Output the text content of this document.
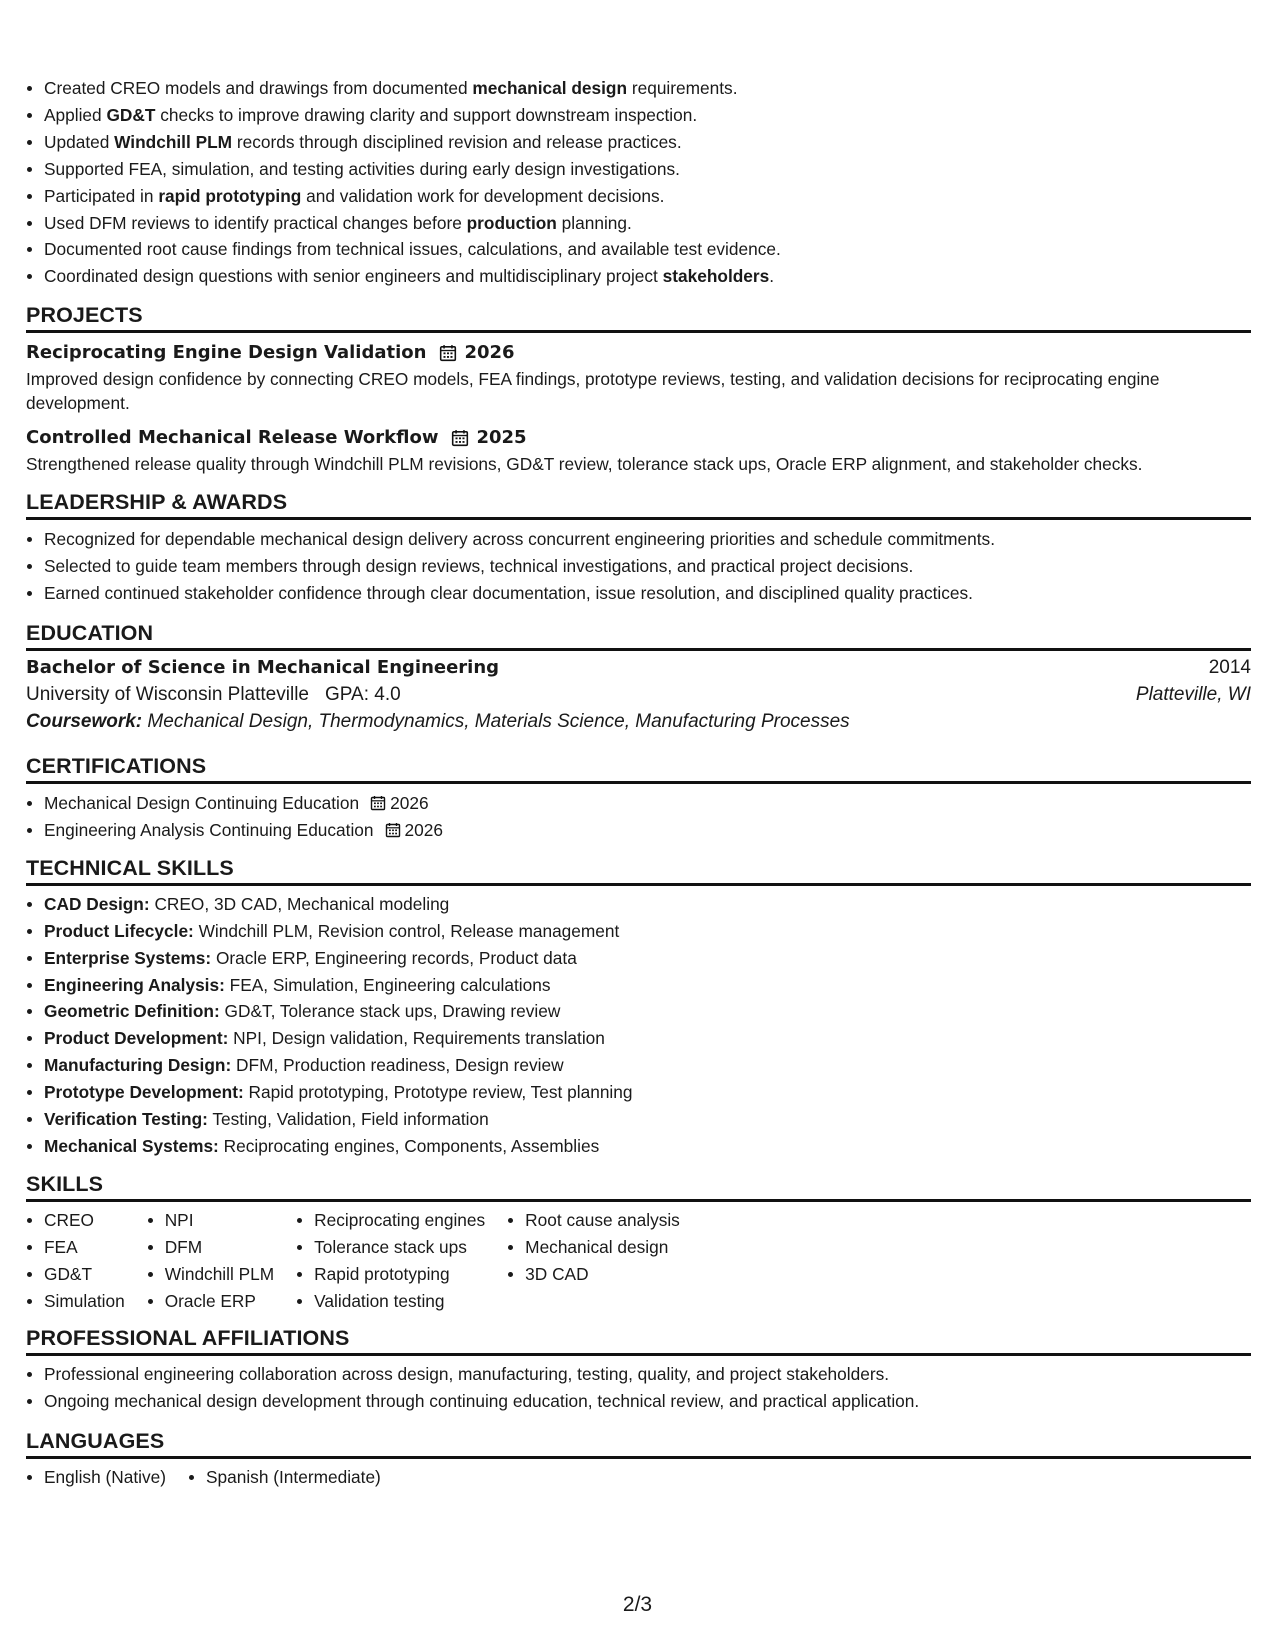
Created CREO models and drawings from documented mechanical design requirements.
Applied GD&T checks to improve drawing clarity and support downstream inspection.
Updated Windchill PLM records through disciplined revision and release practices.
Supported FEA, simulation, and testing activities during early design investigations.
Participated in rapid prototyping and validation work for development decisions.
Used DFM reviews to identify practical changes before production planning.
Documented root cause findings from technical issues, calculations, and available test evidence.
Coordinated design questions with senior engineers and multidisciplinary project stakeholders.
PROJECTS
Reciprocating Engine Design Validation 2026

Improved design confidence by connecting CREO models, FEA findings, prototype reviews, testing, and validation decisions for reciprocating engine development.

Controlled Mechanical Release Workflow 2025

Strengthened release quality through Windchill PLM revisions, GD&T review, tolerance stack ups, Oracle ERP alignment, and stakeholder checks.

LEADERSHIP & AWARDS
Recognized for dependable mechanical design delivery across concurrent engineering priorities and schedule commitments.
Selected to guide team members through design reviews, technical investigations, and practical project decisions.
Earned continued stakeholder confidence through clear documentation, issue resolution, and disciplined quality practices.
EDUCATION
Bachelor of Science in Mechanical Engineering	2014
University of Wisconsin Platteville GPA: 4.0	Platteville, WI
Coursework: Mechanical Design, Thermodynamics, Materials Science, Manufacturing Processes
CERTIFICATIONS
Mechanical Design Continuing Education 2026
Engineering Analysis Continuing Education 2026
TECHNICAL SKILLS
CAD Design: CREO, 3D CAD, Mechanical modeling
Product Lifecycle: Windchill PLM, Revision control, Release management
Enterprise Systems: Oracle ERP, Engineering records, Product data
Engineering Analysis: FEA, Simulation, Engineering calculations
Geometric Definition: GD&T, Tolerance stack ups, Drawing review
Product Development: NPI, Design validation, Requirements translation
Manufacturing Design: DFM, Production readiness, Design review
Prototype Development: Rapid prototyping, Prototype review, Test planning
Verification Testing: Testing, Validation, Field information
Mechanical Systems: Reciprocating engines, Components, Assemblies
SKILLS
CREO
FEA
GD&T
Simulation
NPI
DFM
Windchill PLM
Oracle ERP
Reciprocating engines
Tolerance stack ups
Rapid prototyping
Validation testing
Root cause analysis
Mechanical design
3D CAD
PROFESSIONAL AFFILIATIONS
Professional engineering collaboration across design, manufacturing, testing, quality, and project stakeholders.
Ongoing mechanical design development through continuing education, technical review, and practical application.
LANGUAGES
English (Native)	Spanish (Intermediate)
2/3
